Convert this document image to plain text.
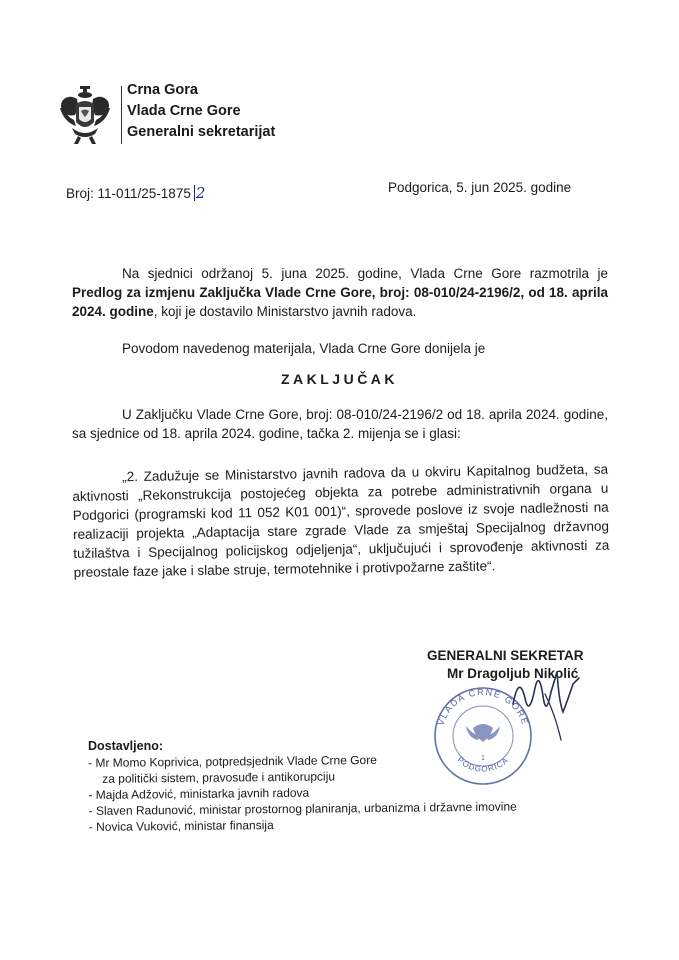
Crna Gora
Vlada Crne Gore
Generalni sekretarijat
Broj: 11-011/25-1875 2	Podgorica, 5. jun 2025. godine
Na sjednici održanoj 5. juna 2025. godine, Vlada Crne Gore razmotrila je Predlog za izmjenu Zaključka Vlade Crne Gore, broj: 08-010/24-2196/2, od 18. aprila 2024. godine, koji je dostavilo Ministarstvo javnih radova.
Povodom navedenog materijala, Vlada Crne Gore donijela je
ZAKLJUČAK
U Zaključku Vlade Crne Gore, broj: 08-010/24-2196/2 od 18. aprila 2024. godine, sa sjednice od 18. aprila 2024. godine, tačka 2. mijenja se i glasi:
„2. Zadužuje se Ministarstvo javnih radova da u okviru Kapitalnog budžeta, sa aktivnosti „Rekonstrukcija postojećeg objekta za potrebe administrativnih organa u Podgorici (programski kod 11 052 K01 001)“, sprovede poslove iz svoje nadležnosti na realizaciji projekta „Adaptacija stare zgrade Vlade za smještaj Specijalnog državnog tužilaštva i Specijalnog policijskog odjeljenja“, uključujući i sprovođenje aktivnosti za preostale faze jake i slabe struje, termotehnike i protivpožarne zaštite“.
GENERALNI SEKRETAR
Mr Dragoljub Nikolić
VLADA CRNE GORE
PODGORICA
1
Dostavljeno:
- Mr Momo Koprivica, potpredsjednik Vlade Crne Gore
za politički sistem, pravosuđe i antikorupciju
- Majda Adžović, ministarka javnih radova
- Slaven Radunović, ministar prostornog planiranja, urbanizma i državne imovine
- Novica Vuković, ministar finansija
